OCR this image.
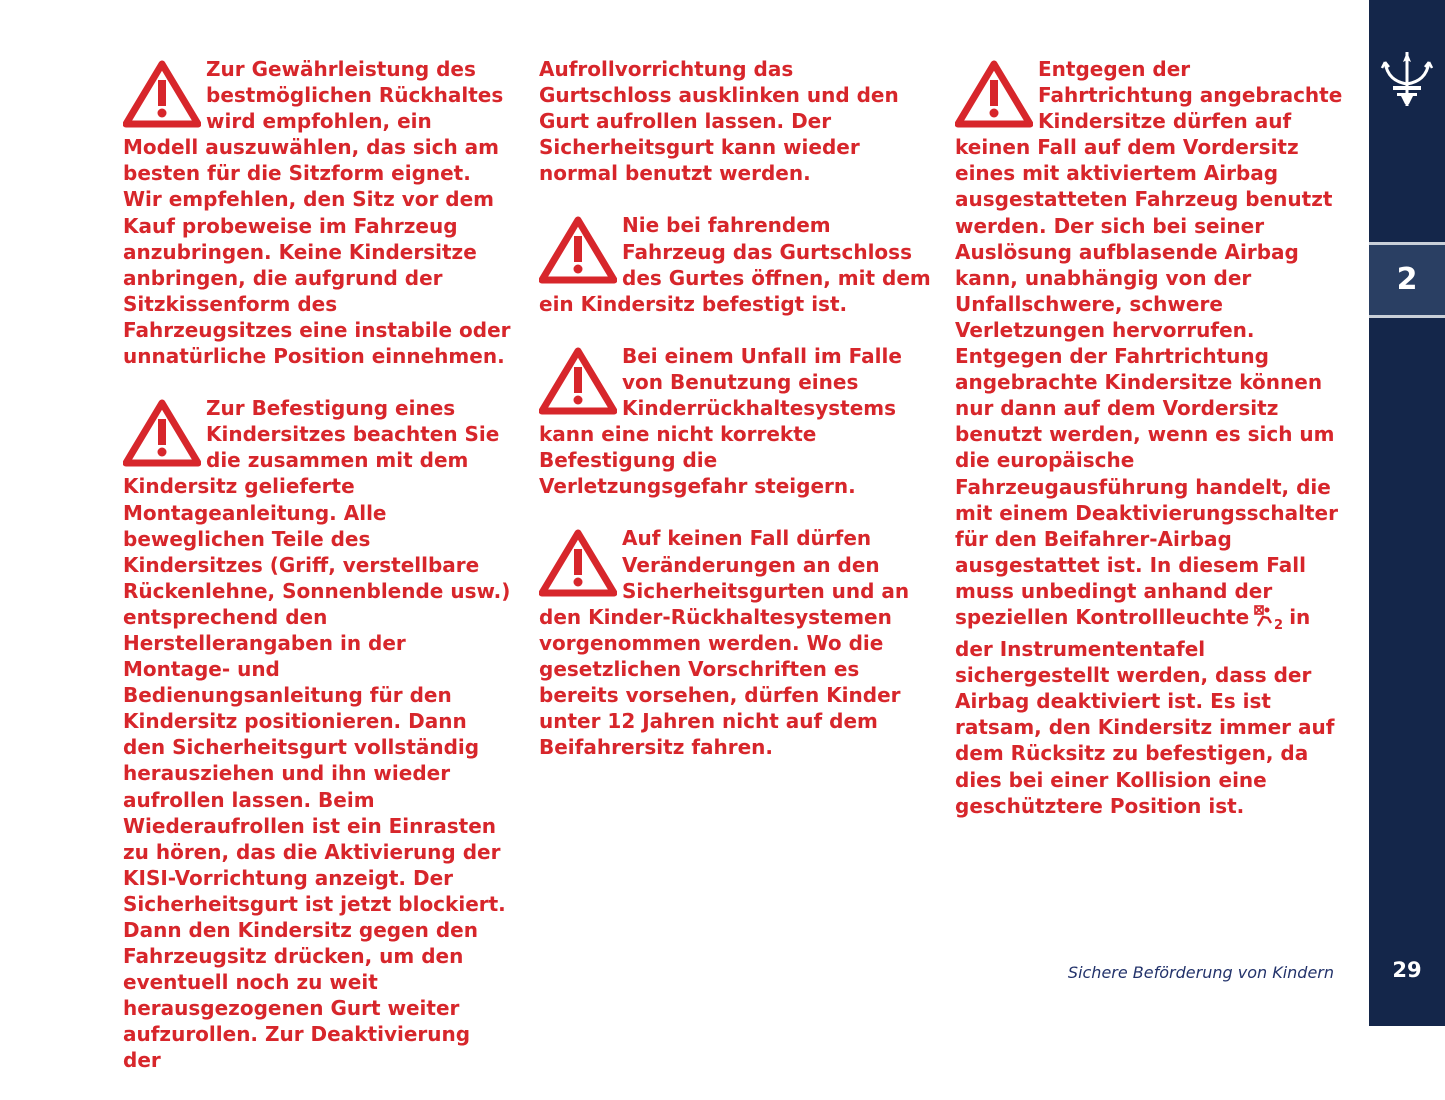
Zur Gewährleistung des bestmöglichen Rückhaltes wird empfohlen, ein Modell auszuwählen, das sich am besten für die Sitzform eignet. Wir empfehlen, den Sitz vor dem Kauf probeweise im Fahrzeug anzubringen. Keine Kindersitze anbringen, die aufgrund der Sitzkissenform des Fahrzeugsitzes eine instabile oder unnatürliche Position einnehmen.

Zur Befestigung eines Kindersitzes beachten Sie die zusammen mit dem Kindersitz gelieferte Montageanleitung. Alle beweglichen Teile des Kindersitzes (Griff, verstellbare Rückenlehne, Sonnenblende usw.) entsprechend den Herstellerangaben in der Montage- und Bedienungsanleitung für den Kindersitz positionieren. Dann den Sicherheitsgurt vollständig herausziehen und ihn wieder aufrollen lassen. Beim Wiederaufrollen ist ein Einrasten zu hören, das die Aktivierung der KISI-Vorrichtung anzeigt. Der Sicherheitsgurt ist jetzt blockiert. Dann den Kindersitz gegen den Fahrzeugsitz drücken, um den eventuell noch zu weit herausgezogenen Gurt weiter aufzurollen. Zur Deaktivierung der

Aufrollvorrichtung das Gurtschloss ausklinken und den Gurt aufrollen lassen. Der Sicherheitsgurt kann wieder normal benutzt werden.

Nie bei fahrendem Fahrzeug das Gurtschloss des Gurtes öffnen, mit dem ein Kindersitz befestigt ist.

Bei einem Unfall im Falle von Benutzung eines Kinderrückhaltesystems kann eine nicht korrekte Befestigung die Verletzungsgefahr steigern.

Auf keinen Fall dürfen Veränderungen an den Sicherheitsgurten und an den Kinder-Rückhaltesystemen vorgenommen werden. Wo die gesetzlichen Vorschriften es bereits vorsehen, dürfen Kinder unter 12 Jahren nicht auf dem Beifahrersitz fahren.

Entgegen der Fahrtrichtung angebrachte Kindersitze dürfen auf keinen Fall auf dem Vordersitz eines mit aktiviertem Airbag ausgestatteten Fahrzeug benutzt werden. Der sich bei seiner Auslösung aufblasende Airbag kann, unabhängig von der Unfallschwere, schwere Verletzungen hervorrufen. Entgegen der Fahrtrichtung angebrachte Kindersitze können nur dann auf dem Vordersitz benutzt werden, wenn es sich um die europäische Fahrzeugausführung handelt, die mit einem Deaktivierungsschalter für den Beifahrer-Airbag ausgestattet ist. In diesem Fall muss unbedingt anhand der speziellen Kontrollleuchte 2 in der Instrumententafel sichergestellt werden, dass der Airbag deaktiviert ist. Es ist ratsam, den Kindersitz immer auf dem Rücksitz zu befestigen, da dies bei einer Kollision eine geschütztere Position ist.

Sichere Beförderung von Kindern
2
29
